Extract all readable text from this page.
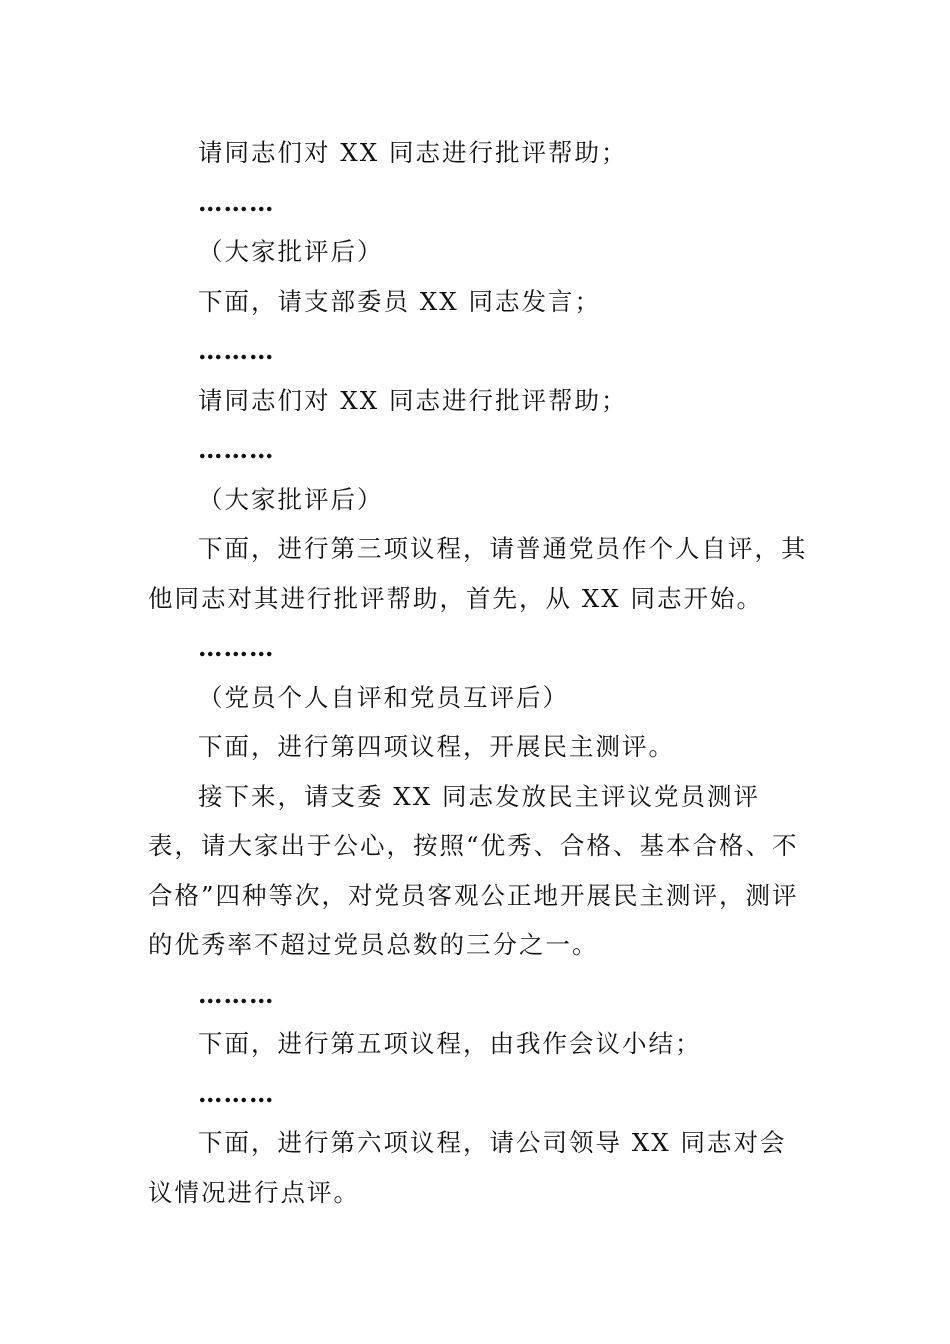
请同志们对 XX 同志进行批评帮助；

………

（大家批评后）

下面，请支部委员 XX 同志发言；

………

请同志们对 XX 同志进行批评帮助；

………

（大家批评后）

下面，进行第三项议程，请普通党员作个人自评，其他同志对其进行批评帮助，首先，从 XX 同志开始。

………

（党员个人自评和党员互评后）

下面，进行第四项议程，开展民主测评。

接下来，请支委 XX 同志发放民主评议党员测评表，请大家出于公心，按照“优秀、合格、基本合格、不合格”四种等次，对党员客观公正地开展民主测评，测评的优秀率不超过党员总数的三分之一。

………

下面，进行第五项议程，由我作会议小结；

………

下面，进行第六项议程，请公司领导 XX 同志对会议情况进行点评。
